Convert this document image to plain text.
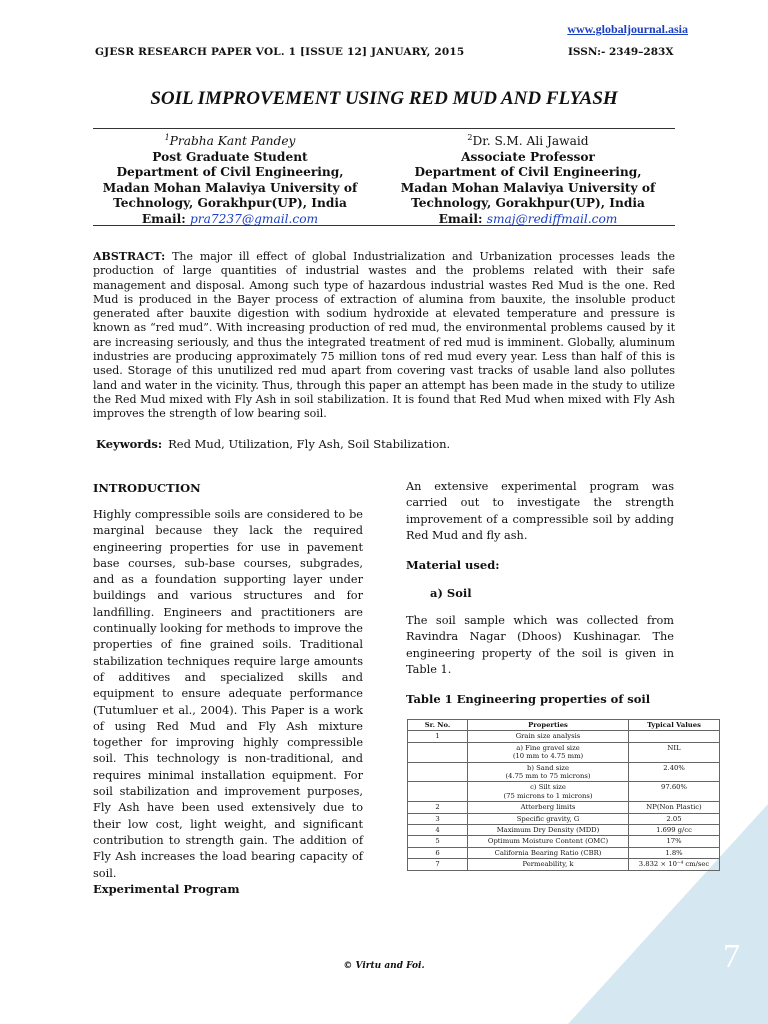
7
www.globaljournal.asia
GJESR RESEARCH PAPER VOL. 1 [ISSUE 12] JANUARY, 2015	ISSN:- 2349–283X
SOIL IMPROVEMENT USING RED MUD AND FLYASH
$^1$Prabha Kant Pandey
Post Graduate Student
Department of Civil Engineering,
Madan Mohan Malaviya University of
Technology, Gorakhpur(UP), India
Email: pra7237@gmail.com
$^2$Dr. S.M. Ali Jawaid
Associate Professor
Department of Civil Engineering,
Madan Mohan Malaviya University of
Technology, Gorakhpur(UP), India
Email: smaj@rediffmail.com
ABSTRACT: The major ill effect of global Industrialization and Urbanization processes leads the production of large quantities of industrial wastes and the problems related with their safe management and disposal. Among such type of hazardous industrial wastes Red Mud is the one. Red Mud is produced in the Bayer process of extraction of alumina from bauxite, the insoluble product generated after bauxite digestion with sodium hydroxide at elevated temperature and pressure is known as “red mud”. With increasing production of red mud, the environmental problems caused by it are increasing seriously, and thus the integrated treatment of red mud is imminent. Globally, aluminum industries are producing approximately 75 million tons of red mud every year. Less than half of this is used. Storage of this unutilized red mud apart from covering vast tracks of usable land also pollutes land and water in the vicinity. Thus, through this paper an attempt has been made in the study to utilize the Red Mud mixed with Fly Ash in soil stabilization. It is found that Red Mud when mixed with Fly Ash improves the strength of low bearing soil.
Keywords: Red Mud, Utilization, Fly Ash, Soil Stabilization.
INTRODUCTION
Highly compressible soils are considered to be marginal because they lack the required engineering properties for use in pavement base courses, sub-base courses, subgrades, and as a foundation supporting layer under buildings and various structures and for landfilling. Engineers and practitioners are continually looking for methods to improve the properties of fine grained soils. Traditional stabilization techniques require large amounts of additives and specialized skills and equipment to ensure adequate performance (Tutumluer et al., 2004). This Paper is a work of using Red Mud and Fly Ash mixture together for improving highly compressible soil. This technology is non-traditional, and requires minimal installation equipment. For soil stabilization and improvement purposes, Fly Ash have been used extensively due to their low cost, light weight, and significant contribution to strength gain. The addition of Fly Ash increases the load bearing capacity of soil.
Experimental Program
An extensive experimental program was carried out to investigate the strength improvement of a compressible soil by adding Red Mud and fly ash.
Material used:
a) Soil
The soil sample which was collected from Ravindra Nagar (Dhoos) Kushinagar. The engineering property of the soil is given in Table 1.
Table 1 Engineering properties of soil
Sr. No.	Properties	Typical Values
1	Grain size analysis	
	a) Fine gravel size
(10 mm to 4.75 mm)	NIL
	b) Sand size
(4.75 mm to 75 microns)	2.40%
	c) Silt size
(75 microns to 1 microns)	97.60%
2	Atterberg limits	NP(Non Plastic)
3	Specific gravity, G	2.05
4	Maximum Dry Density (MDD)	1.699 g/cc
5	Optimum Moisture Content (OMC)	17%
6	California Bearing Ratio (CBR)	1.8%
7	Permeability, k	3.832 × 10⁻⁴ cm/sec
© Virtu and Foi.
